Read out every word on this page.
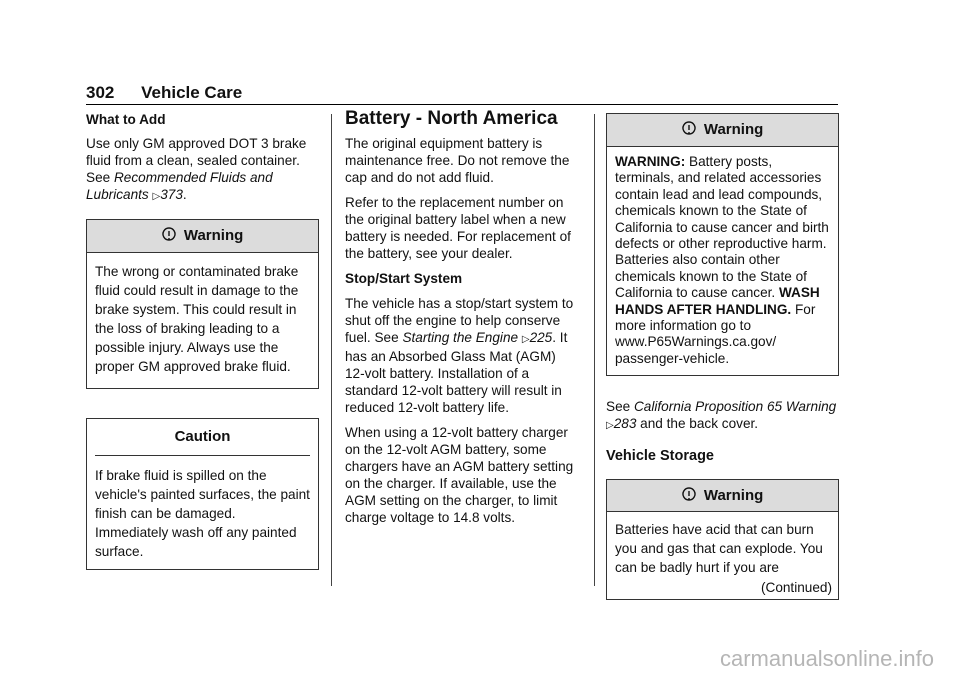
302 Vehicle Care

What to Add

Use only GM approved DOT 3 brake fluid from a clean, sealed container. See Recommended Fluids and Lubricants ▷373.

Warning
The wrong or contaminated brake fluid could result in damage to the brake system. This could result in the loss of braking leading to a possible injury. Always use the proper GM approved brake fluid.
Caution
If brake fluid is spilled on the vehicle's painted surfaces, the paint finish can be damaged. Immediately wash off any painted surface.
Battery - North America

The original equipment battery is maintenance free. Do not remove the cap and do not add fluid.

Refer to the replacement number on the original battery label when a new battery is needed. For replacement of the battery, see your dealer.

Stop/Start System

The vehicle has a stop/start system to shut off the engine to help conserve fuel. See Starting the Engine ▷225. It has an Absorbed Glass Mat (AGM) 12-volt battery. Installation of a standard 12-volt battery will result in reduced 12-volt battery life.

When using a 12-volt battery charger on the 12-volt AGM battery, some chargers have an AGM battery setting on the charger. If available, use the AGM setting on the charger, to limit charge voltage to 14.8 volts.

Warning
WARNING: Battery posts, terminals, and related accessories contain lead and lead compounds, chemicals known to the State of California to cause cancer and birth defects or other reproductive harm. Batteries also contain other chemicals known to the State of California to cause cancer. WASH HANDS AFTER HANDLING. For more information go to www.P65Warnings.ca.gov/ passenger-vehicle.

See California Proposition 65 Warning ▷283 and the back cover.

Vehicle Storage
Warning
Batteries have acid that can burn you and gas that can explode. You can be badly hurt if you are
(Continued)
carmanualsonline.info
